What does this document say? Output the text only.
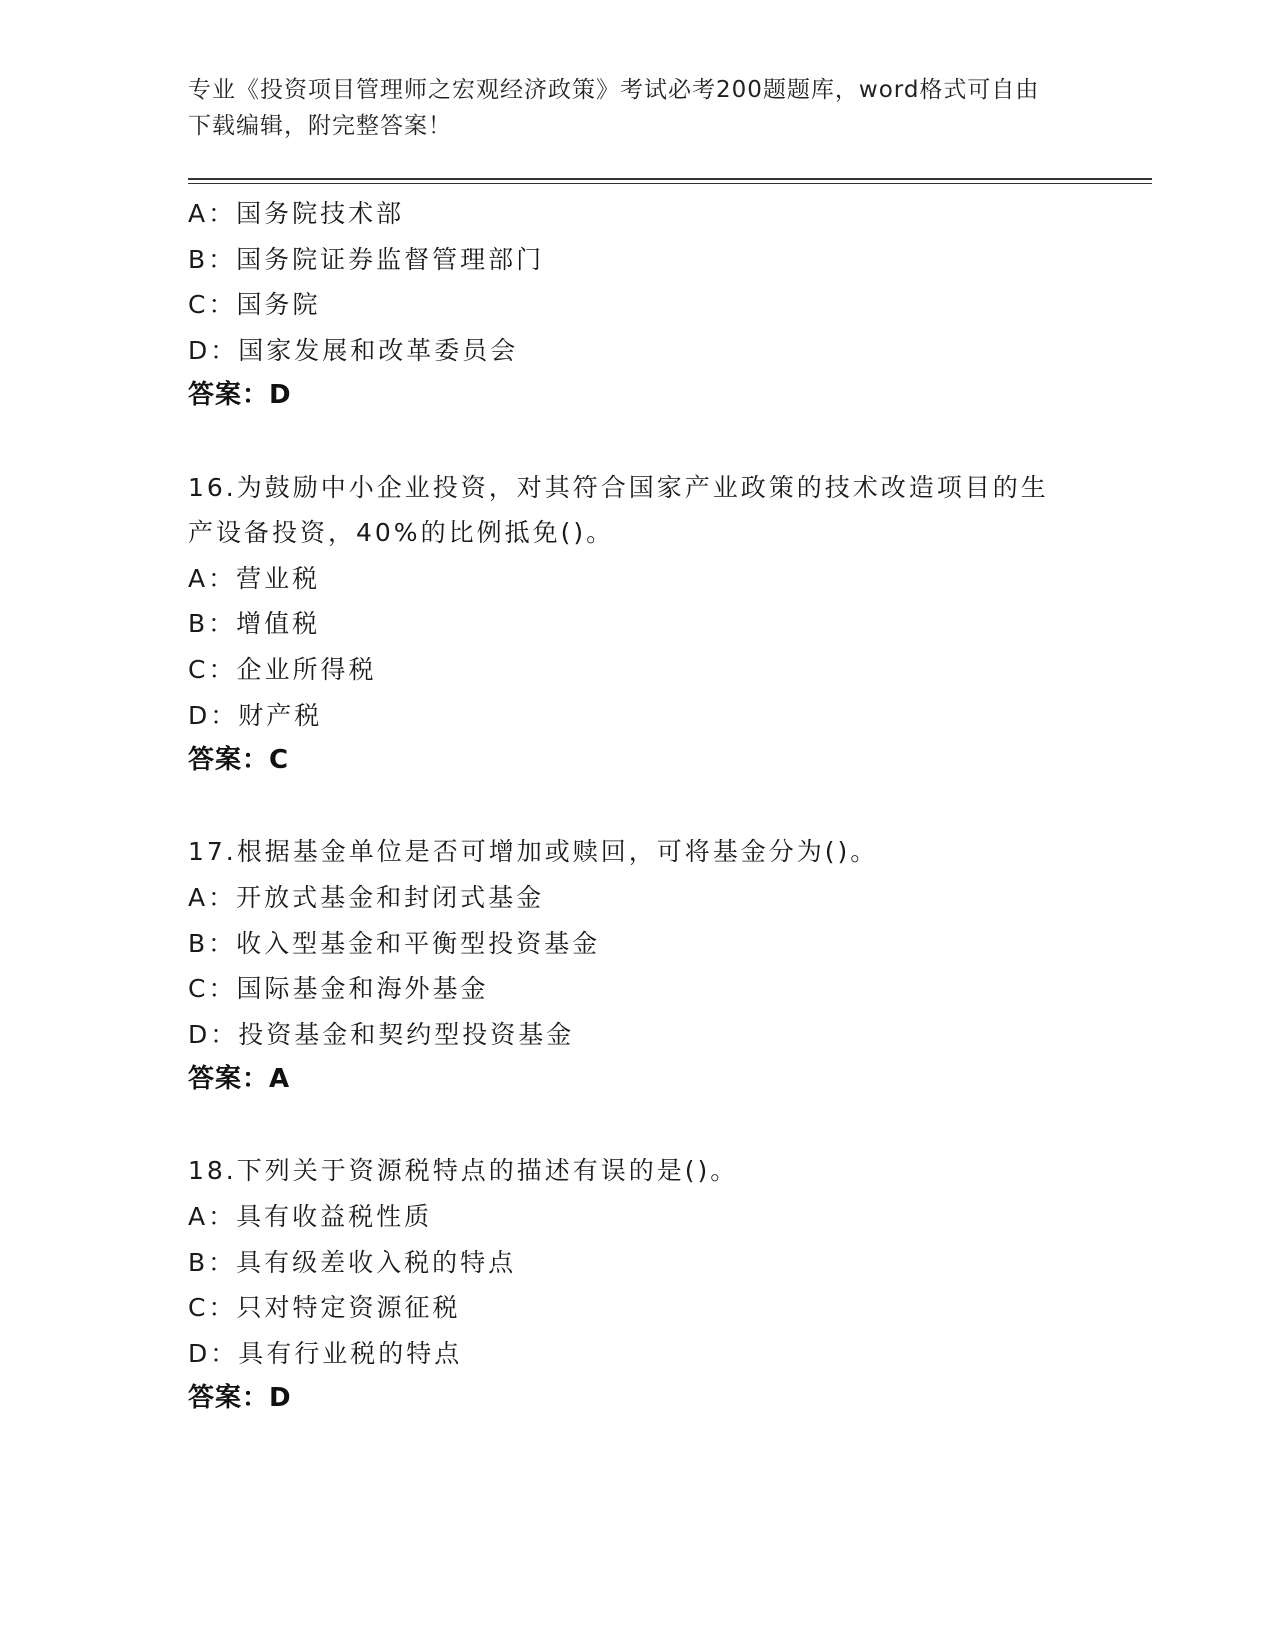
专业《投资项目管理师之宏观经济政策》考试必考200题题库，word格式可自由
下载编辑，附完整答案！
A：国务院技术部
B：国务院证券监督管理部门
C：国务院
D：国家发展和改革委员会
答案：D
16.为鼓励中小企业投资，对其符合国家产业政策的技术改造项目的生
产设备投资，40%的比例抵免()。
A：营业税
B：增值税
C：企业所得税
D：财产税
答案：C
17.根据基金单位是否可增加或赎回，可将基金分为()。
A：开放式基金和封闭式基金
B：收入型基金和平衡型投资基金
C：国际基金和海外基金
D：投资基金和契约型投资基金
答案：A
18.下列关于资源税特点的描述有误的是()。
A：具有收益税性质
B：具有级差收入税的特点
C：只对特定资源征税
D：具有行业税的特点
答案：D
